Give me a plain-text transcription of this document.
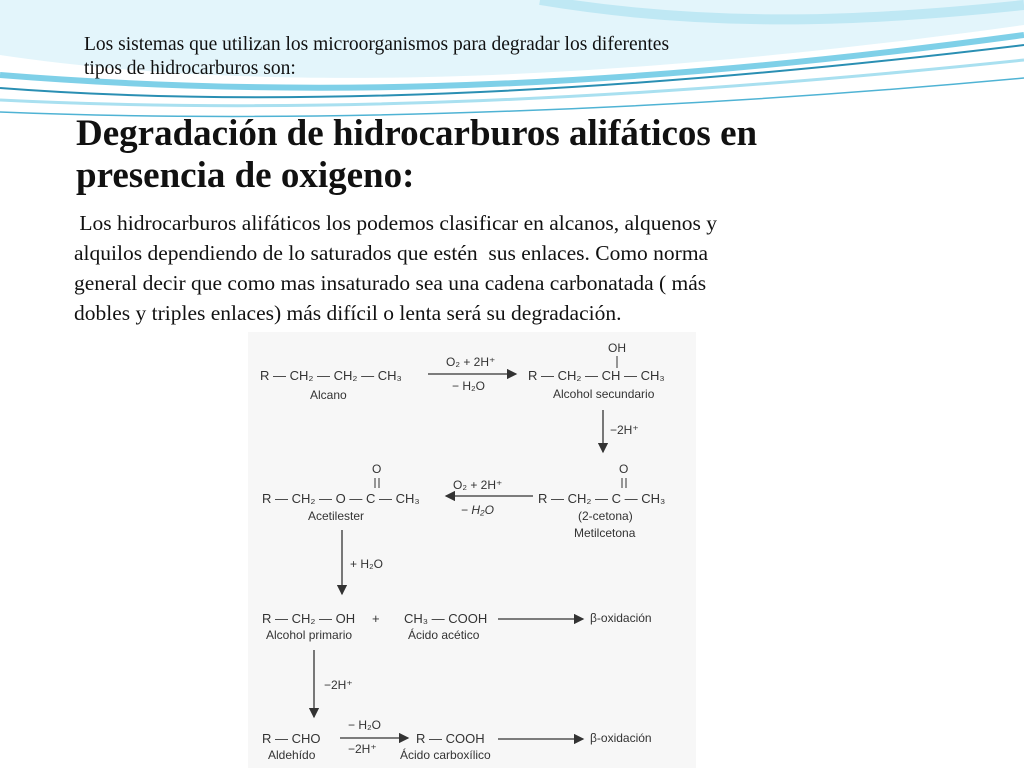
Los sistemas que utilizan los microorganismos para degradar los diferentes
tipos de hidrocarburos son:

Degradación de hidrocarburos alifáticos en
presencia de oxigeno:

Los hidrocarburos alifáticos los podemos clasificar en alcanos, alquenos y
alquilos dependiendo de lo saturados que estén  sus enlaces. Como norma
general decir que como mas insaturado sea una cadena carbonatada ( más
dobles y triples enlaces) más difícil o lenta será su degradación.

R — CH₂ — CH₂ — CH₃
Alcano
O₂ + 2H⁺
− H₂O
OH
R — CH₂ — CH — CH₃
Alcohol secundario
−2H⁺
O
R — CH₂ — C — CH₃
(2-cetona)
Metilcetona
O₂ + 2H⁺
− H₂O
O
R — CH₂ — O — C — CH₃
Acetilester
+ H₂O
R — CH₂ — OH
Alcohol primario
+ CH₃ — COOH
Ácido acético
β-oxidación
−2H⁺
R — CHO
Aldehído
− H₂O
−2H⁺
R — COOH
Ácido carboxílico
β-oxidación
